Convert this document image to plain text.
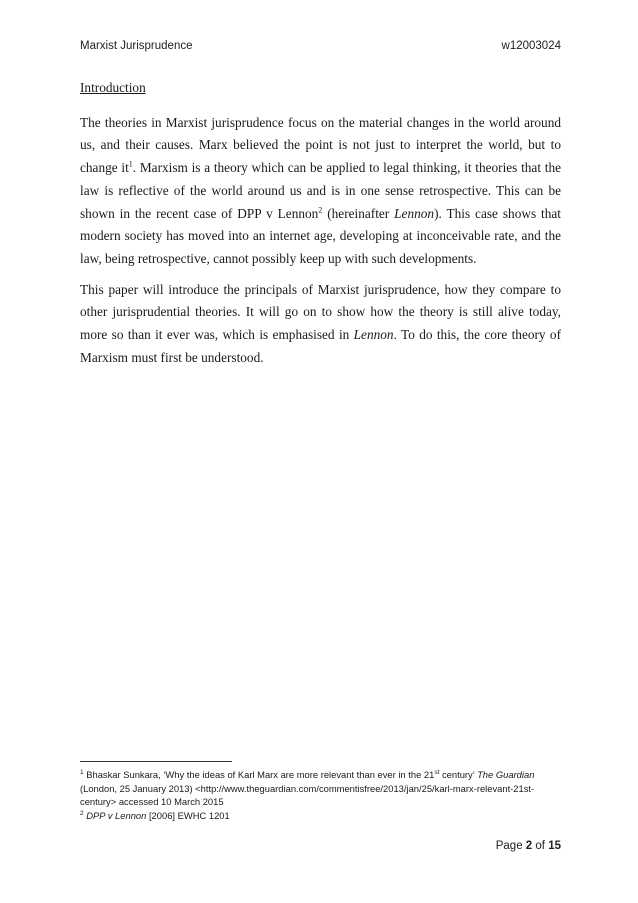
Marxist Jurisprudence	w12003024

Introduction

The theories in Marxist jurisprudence focus on the material changes in the world around us, and their causes. Marx believed the point is not just to interpret the world, but to change $it^1$. Marxism is a theory which can be applied to legal thinking, it theories that the law is reflective of the world around us and is in one sense retrospective. This can be shown in the recent case of DPP v Lennon$^2$ (hereinafter Lennon). This case shows that modern society has moved into an internet age, developing at inconceivable rate, and the law, being retrospective, cannot possibly keep up with such developments.

This paper will introduce the principals of Marxist jurisprudence, how they compare to other jurisprudential theories. It will go on to show how the theory is still alive today, more so than it ever was, which is emphasised in Lennon. To do this, the core theory of Marxism must first be understood.

$^1$ Bhaskar Sunkara, ‘Why the ideas of Karl Marx are more relevant than ever in the 21st century’ The Guardian (London, 25 January 2013) <http://www.theguardian.com/commentisfree/2013/jan/25/karl-marx-relevant-21st-century> accessed 10 March 2015

$^2$ DPP v Lennon [2006] EWHC 1201

Page 2 of 15
